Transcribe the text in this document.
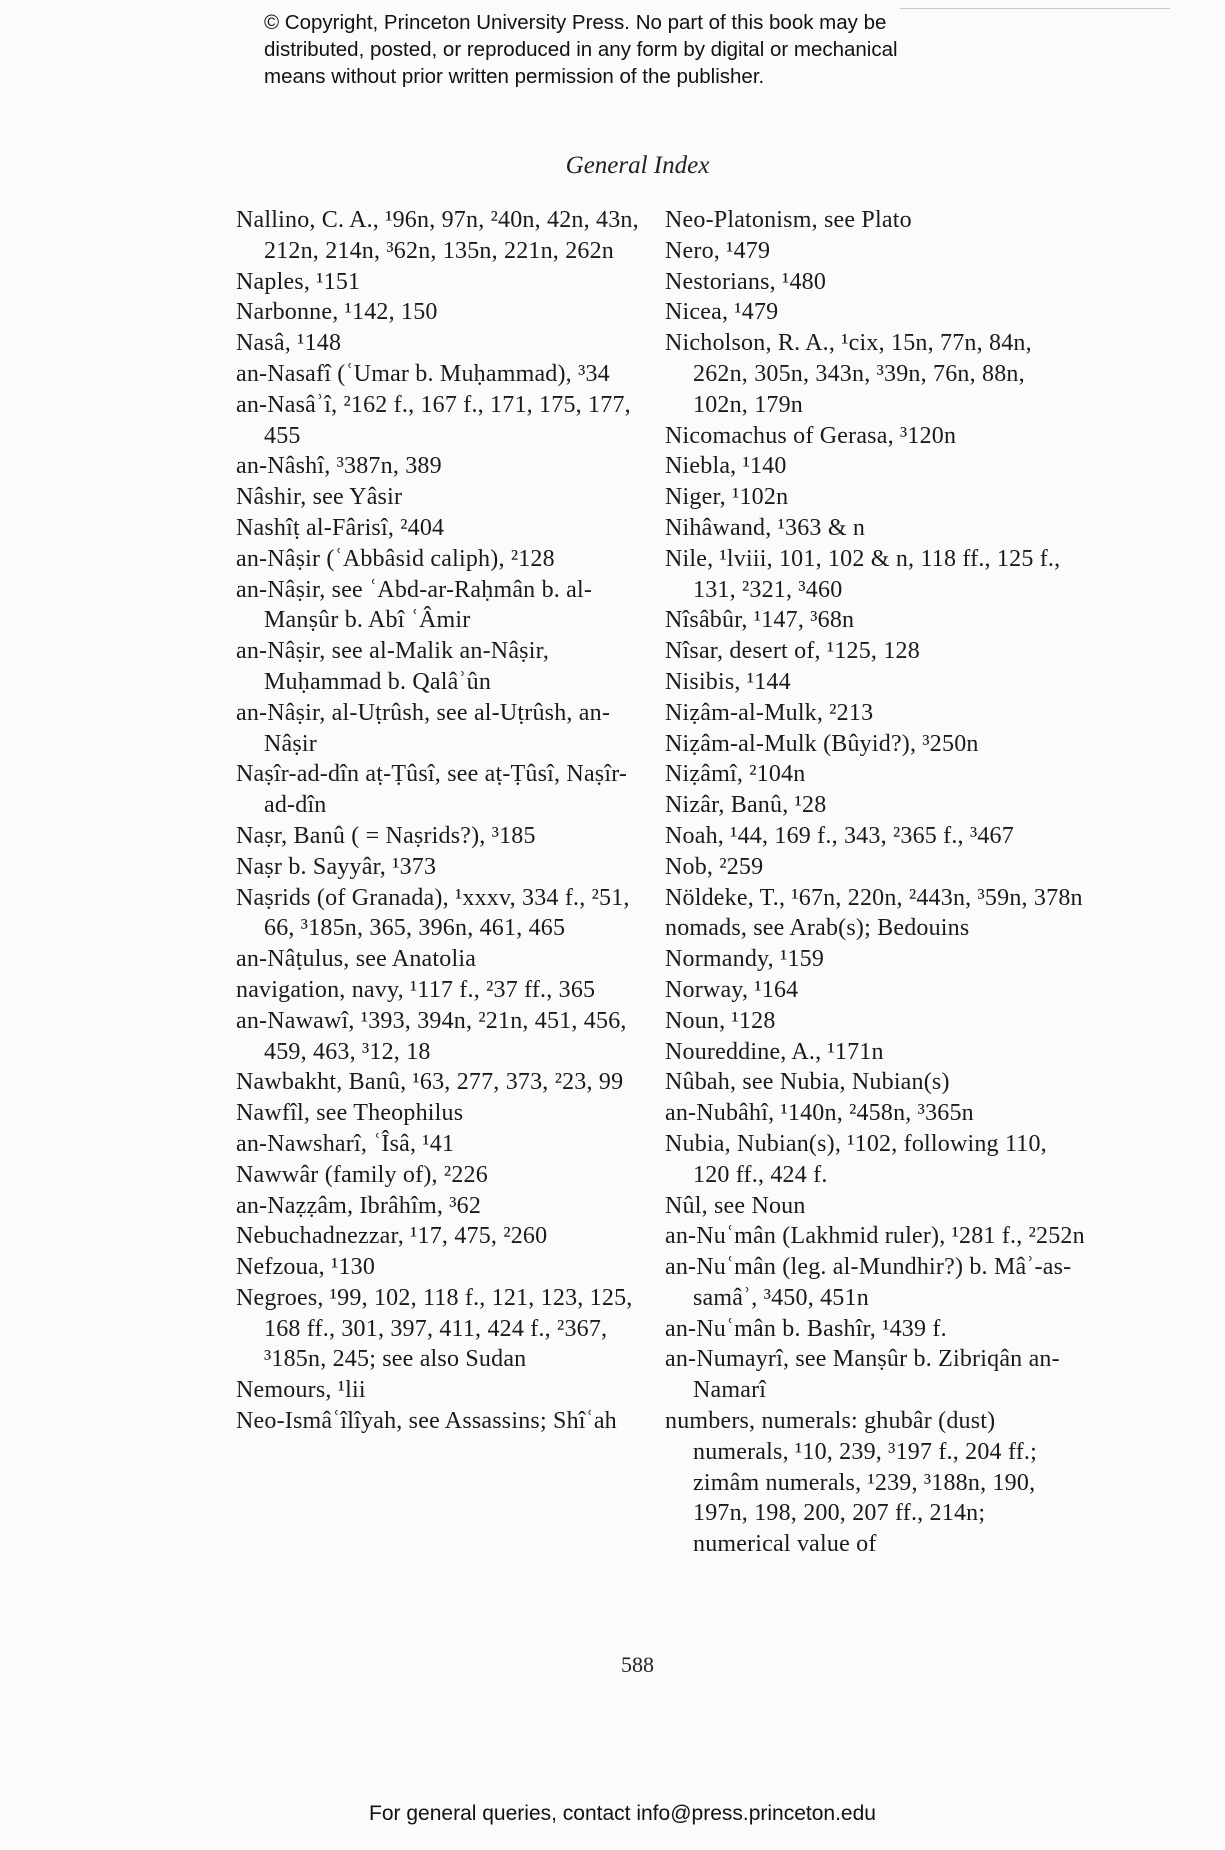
© Copyright, Princeton University Press. No part of this book may be
distributed, posted, or reproduced in any form by digital or mechanical
means without prior written permission of the publisher.
General Index
Nallino, C. A., ¹96n, 97n, ²40n, 42n, 43n, 212n, 214n, ³62n, 135n, 221n, 262n
Naples, ¹151
Narbonne, ¹142, 150
Nasâ, ¹148
an-Nasafî (ʿUmar b. Muḥammad), ³34
an-Nasâʾî, ²162 f., 167 f., 171, 175, 177, 455
an-Nâshî, ³387n, 389
Nâshir, see Yâsir
Nashîṭ al-Fârisî, ²404
an-Nâṣir (ʿAbbâsid caliph), ²128
an-Nâṣir, see ʿAbd-ar-Raḥmân b. al-Manṣûr b. Abî ʿÂmir
an-Nâṣir, see al-Malik an-Nâṣir, Muḥammad b. Qalâʾûn
an-Nâṣir, al-Uṭrûsh, see al-Uṭrûsh, an-Nâṣir
Naṣîr-ad-dîn aṭ-Ṭûsî, see aṭ-Ṭûsî, Naṣîr-ad-dîn
Naṣr, Banû ( = Naṣrids?), ³185
Naṣr b. Sayyâr, ¹373
Naṣrids (of Granada), ¹xxxv, 334 f., ²51, 66, ³185n, 365, 396n, 461, 465
an-Nâṭulus, see Anatolia
navigation, navy, ¹117 f., ²37 ff., 365
an-Nawawî, ¹393, 394n, ²21n, 451, 456, 459, 463, ³12, 18
Nawbakht, Banû, ¹63, 277, 373, ²23, 99
Nawfîl, see Theophilus
an-Nawsharî, ʿÎsâ, ¹41
Nawwâr (family of), ²226
an-Naẓẓâm, Ibrâhîm, ³62
Nebuchadnezzar, ¹17, 475, ²260
Nefzoua, ¹130
Negroes, ¹99, 102, 118 f., 121, 123, 125, 168 ff., 301, 397, 411, 424 f., ²367, ³185n, 245; see also Sudan
Nemours, ¹lii
Neo-Ismâʿîlîyah, see Assassins; Shîʿah
Neo-Platonism, see Plato
Nero, ¹479
Nestorians, ¹480
Nicea, ¹479
Nicholson, R. A., ¹cix, 15n, 77n, 84n, 262n, 305n, 343n, ³39n, 76n, 88n, 102n, 179n
Nicomachus of Gerasa, ³120n
Niebla, ¹140
Niger, ¹102n
Nihâwand, ¹363 & n
Nile, ¹lviii, 101, 102 & n, 118 ff., 125 f., 131, ²321, ³460
Nîsâbûr, ¹147, ³68n
Nîsar, desert of, ¹125, 128
Nisibis, ¹144
Niẓâm-al-Mulk, ²213
Niẓâm-al-Mulk (Bûyid?), ³250n
Niẓâmî, ²104n
Nizâr, Banû, ¹28
Noah, ¹44, 169 f., 343, ²365 f., ³467
Nob, ²259
Nöldeke, T., ¹67n, 220n, ²443n, ³59n, 378n
nomads, see Arab(s); Bedouins
Normandy, ¹159
Norway, ¹164
Noun, ¹128
Noureddine, A., ¹171n
Nûbah, see Nubia, Nubian(s)
an-Nubâhî, ¹140n, ²458n, ³365n
Nubia, Nubian(s), ¹102, following 110, 120 ff., 424 f.
Nûl, see Noun
an-Nuʿmân (Lakhmid ruler), ¹281 f., ²252n
an-Nuʿmân (leg. al-Mundhir?) b. Mâʾ-as-samâʾ, ³450, 451n
an-Nuʿmân b. Bashîr, ¹439 f.
an-Numayrî, see Manṣûr b. Zibriqân an-Namarî
numbers, numerals: ghubâr (dust) numerals, ¹10, 239, ³197 f., 204 ff.; zimâm numerals, ¹239, ³188n, 190, 197n, 198, 200, 207 ff., 214n; numerical value of
588
For general queries, contact info@press.princeton.edu
